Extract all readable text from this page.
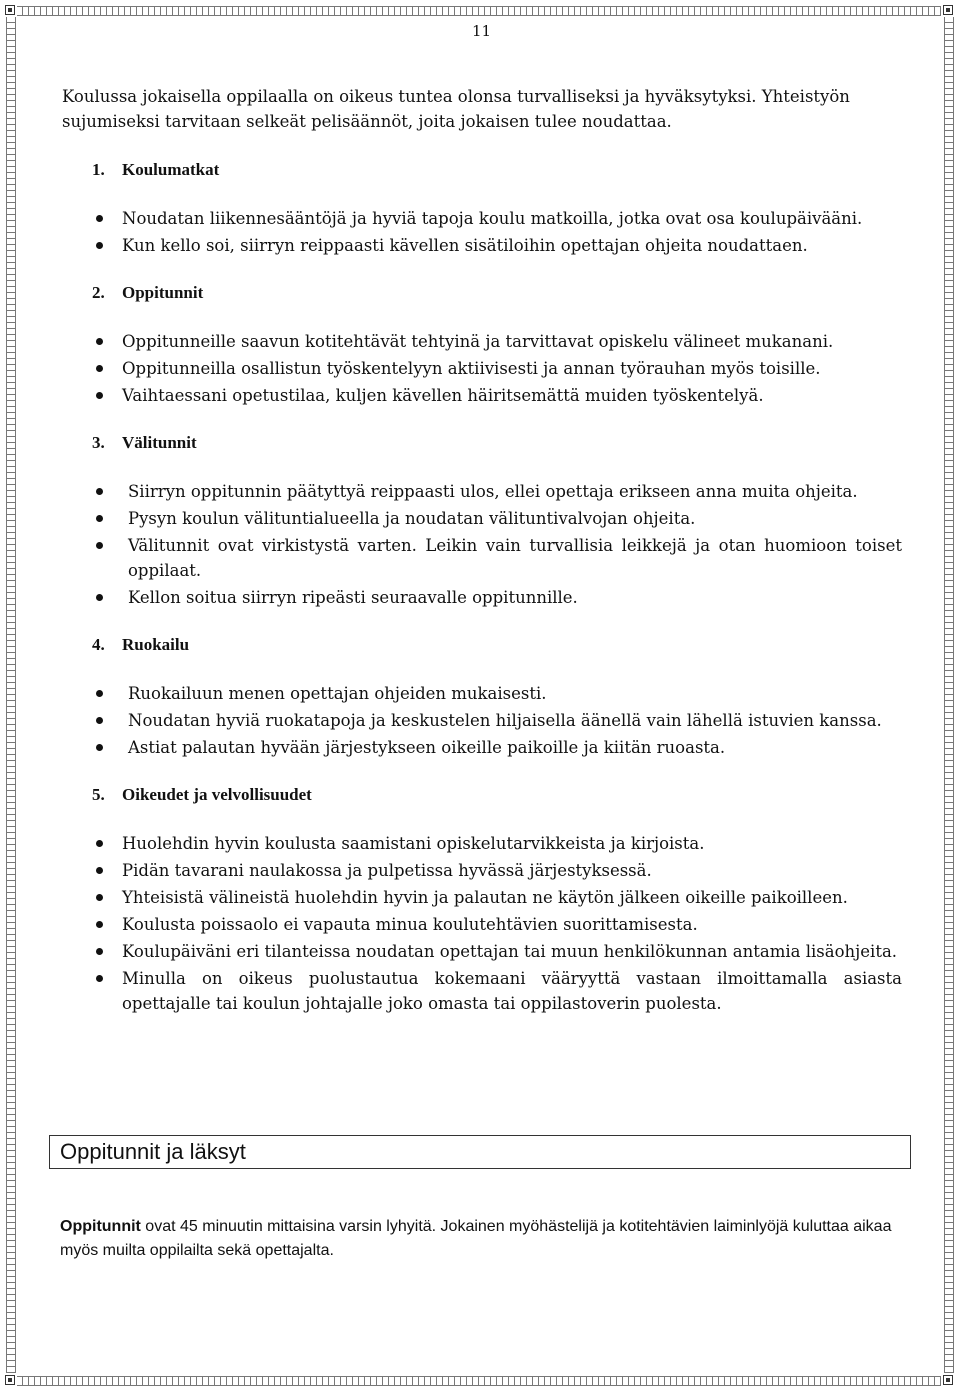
11

Koulussa jokaisella oppilaalla on oikeus tuntea olonsa turvalliseksi ja hyväksytyksi. Yhteistyön sujumiseksi tarvitaan selkeät pelisäännöt, joita jokaisen tulee noudattaa.

1. Koulumatkat
Noudatan liikennesääntöjä ja hyviä tapoja koulu matkoilla, jotka ovat osa koulupäivääni.
Kun kello soi, siirryn reippaasti kävellen sisätiloihin opettajan ohjeita noudattaen.
2. Oppitunnit
Oppitunneille saavun kotitehtävät tehtyinä ja tarvittavat opiskelu välineet mukanani.
Oppitunneilla osallistun työskentelyyn aktiivisesti ja annan työrauhan myös toisille.
Vaihtaessani opetustilaa, kuljen kävellen häiritsemättä muiden työskentelyä.
3. Välitunnit
Siirryn oppitunnin päätyttyä reippaasti ulos, ellei opettaja erikseen anna muita ohjeita.
Pysyn koulun välituntialueella ja noudatan välituntivalvojan ohjeita.
Välitunnit ovat virkistystä varten. Leikin vain turvallisia leikkejä ja otan huomioon toiset oppilaat.
Kellon soitua siirryn ripeästi seuraavalle oppitunnille.
4. Ruokailu
Ruokailuun menen opettajan ohjeiden mukaisesti.
Noudatan hyviä ruokatapoja ja keskustelen hiljaisella äänellä vain lähellä istuvien kanssa.
Astiat palautan hyvään järjestykseen oikeille paikoille ja kiitän ruoasta.
5. Oikeudet ja velvollisuudet
Huolehdin hyvin koulusta saamistani opiskelutarvikkeista ja kirjoista.
Pidän tavarani naulakossa ja pulpetissa hyvässä järjestyksessä.
Yhteisistä välineistä huolehdin hyvin ja palautan ne käytön jälkeen oikeille paikoilleen.
Koulusta poissaolo ei vapauta minua koulutehtävien suorittamisesta.
Koulupäiväni eri tilanteissa noudatan opettajan tai muun henkilökunnan antamia lisäohjeita.
Minulla on oikeus puolustautua kokemaani vääryyttä vastaan ilmoittamalla asiasta opettajalle tai koulun johtajalle joko omasta tai oppilastoverin puolesta.
Oppitunnit ja läksyt

Oppitunnit ovat 45 minuutin mittaisina varsin lyhyitä. Jokainen myöhästelijä ja kotitehtävien laiminlyöjä kuluttaa aikaa myös muilta oppilailta sekä opettajalta.
